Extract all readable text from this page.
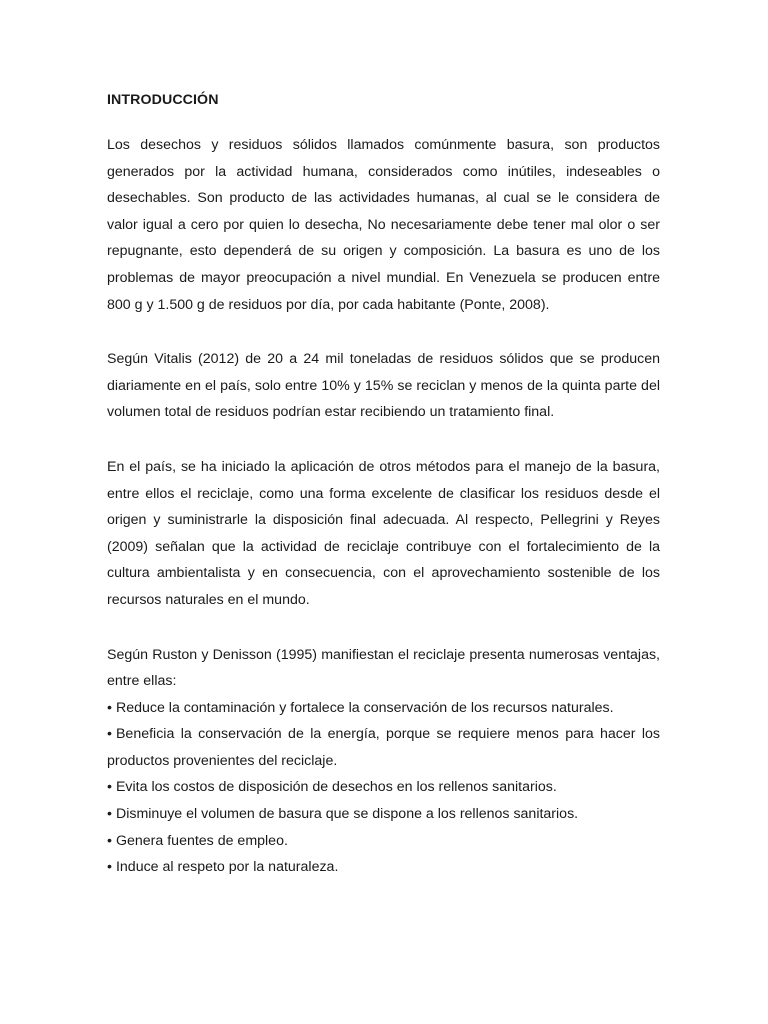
INTRODUCCIÓN

Los desechos y residuos sólidos llamados comúnmente basura, son productos generados por la actividad humana, considerados como inútiles, indeseables o desechables. Son producto de las actividades humanas, al cual se le considera de valor igual a cero por quien lo desecha, No necesariamente debe tener mal olor o ser repugnante, esto dependerá de su origen y composición. La basura es uno de los problemas de mayor preocupación a nivel mundial. En Venezuela se producen entre 800 g y 1.500 g de residuos por día, por cada habitante (Ponte, 2008).

Según Vitalis (2012) de 20 a 24 mil toneladas de residuos sólidos que se producen diariamente en el país, solo entre 10% y 15% se reciclan y menos de la quinta parte del volumen total de residuos podrían estar recibiendo un tratamiento final.

En el país, se ha iniciado la aplicación de otros métodos para el manejo de la basura, entre ellos el reciclaje, como una forma excelente de clasificar los residuos desde el origen y suministrarle la disposición final adecuada. Al respecto, Pellegrini y Reyes (2009) señalan que la actividad de reciclaje contribuye con el fortalecimiento de la cultura ambientalista y en consecuencia, con el aprovechamiento sostenible de los recursos naturales en el mundo.

Según Ruston y Denisson (1995) manifiestan el reciclaje presenta numerosas ventajas, entre ellas:

• Reduce la contaminación y fortalece la conservación de los recursos naturales.
• Beneficia la conservación de la energía, porque se requiere menos para hacer los productos provenientes del reciclaje.
• Evita los costos de disposición de desechos en los rellenos sanitarios.
• Disminuye el volumen de basura que se dispone a los rellenos sanitarios.
• Genera fuentes de empleo.
• Induce al respeto por la naturaleza.
